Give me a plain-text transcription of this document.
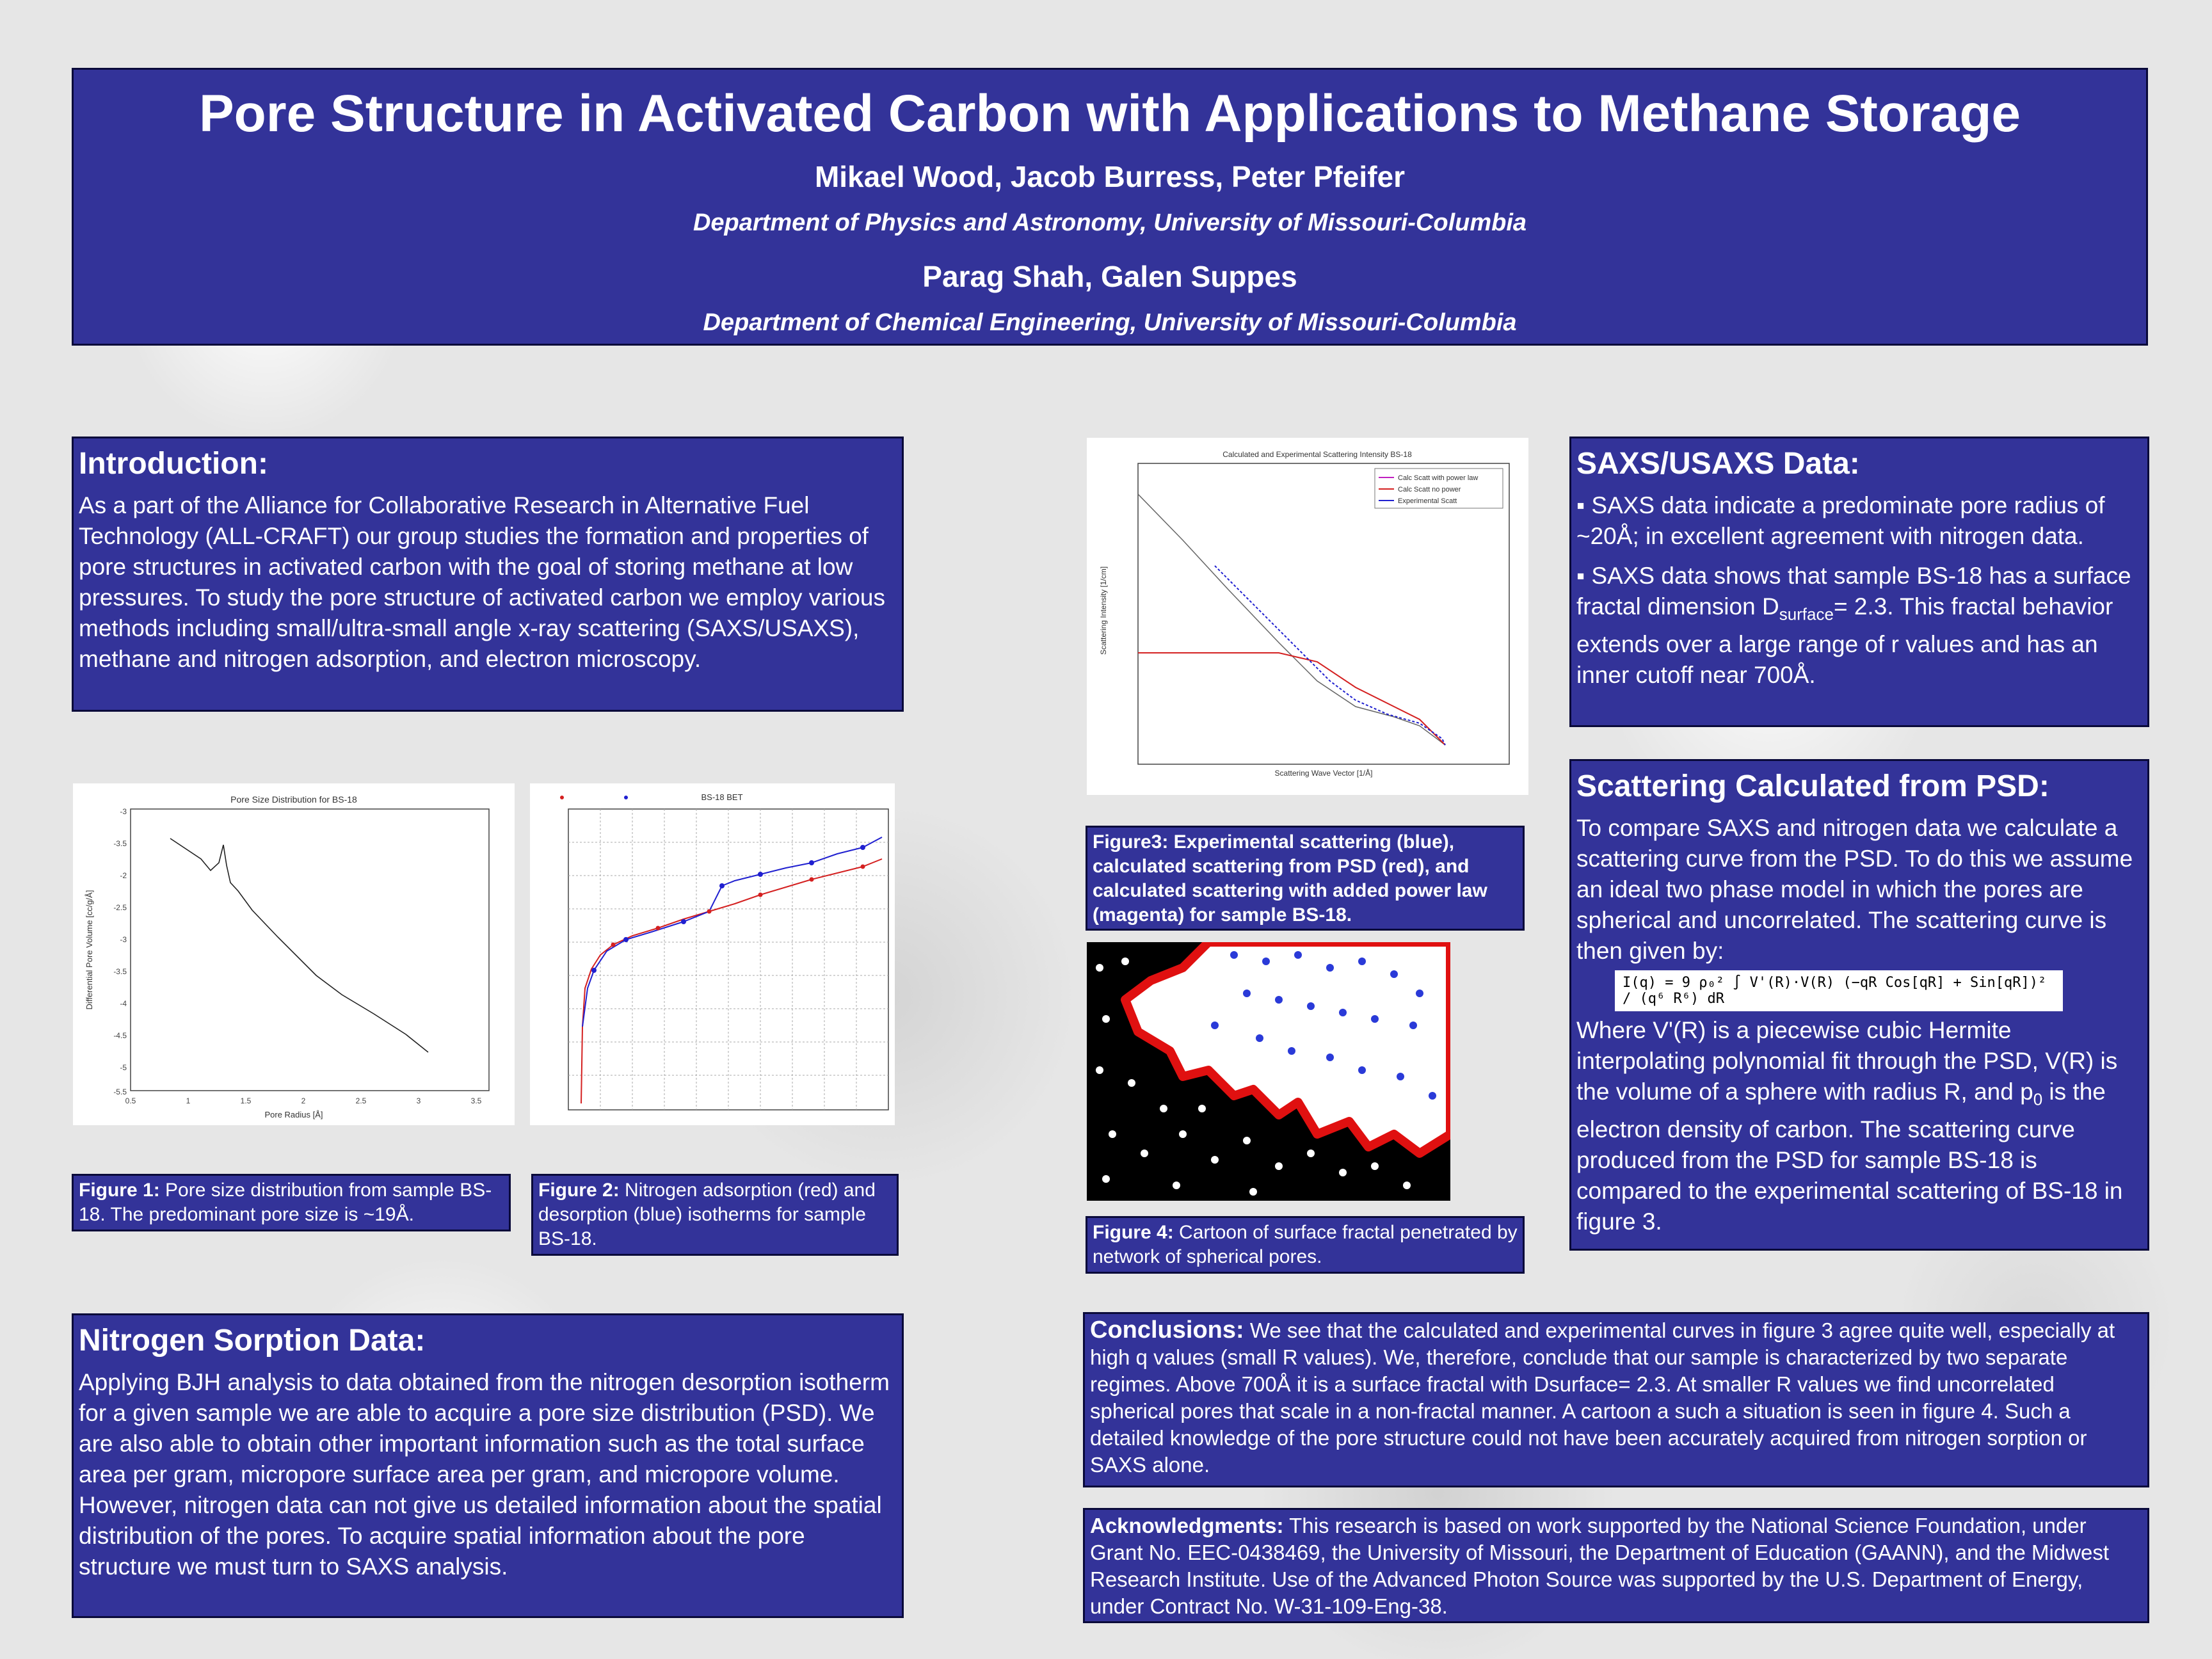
Pore Structure in Activated Carbon with Applications to Methane Storage
Mikael Wood, Jacob Burress, Peter Pfeifer
Department of Physics and Astronomy, University of Missouri-Columbia
Parag Shah, Galen Suppes
Department of Chemical Engineering, University of Missouri-Columbia
Introduction:
As a part of the Alliance for Collaborative Research in Alternative Fuel Technology (ALL-CRAFT) our group studies the formation and properties of pore structures in activated carbon with the goal of storing methane at low pressures. To study the pore structure of activated carbon we employ various methods including small/ultra-small angle x-ray scattering (SAXS/USAXS), methane and nitrogen adsorption, and electron microscopy.
Pore Size Distribution for BS-18
-3
-3.5
-2
-2.5
-3
-3.5
-4
-4.5
-5
-5.5
0.5	1	1.5	2	2.5	3	3.5
Pore Radius [Å]
Differential Pore Volume [cc/g/Å]
BS-18 BET
Figure 1: Pore size distribution from sample BS-18. The predominant pore size is ~19Å.
Figure 2: Nitrogen adsorption (red) and desorption (blue) isotherms for sample BS-18.
Nitrogen Sorption Data:
Applying BJH analysis to data obtained from the nitrogen desorption isotherm for a given sample we are able to acquire a pore size distribution (PSD). We are also able to obtain other important information such as the total surface area per gram, micropore surface area per gram, and micropore volume. However, nitrogen data can not give us detailed information about the spatial distribution of the pores. To acquire spatial information about the pore structure we must turn to SAXS analysis.
Calculated and Experimental Scattering Intensity BS-18
Calc Scatt with power law
Calc Scatt no power
Experimental Scatt
Scattering Wave Vector [1/Å]
Scattering Intensity [1/cm]
Figure3: Experimental scattering (blue), calculated scattering from PSD (red), and calculated scattering with added power law (magenta) for sample BS-18.
Figure 4: Cartoon of surface fractal penetrated by network of spherical pores.
SAXS/USAXS Data:
▪ SAXS data indicate a predominate pore radius of ~20Å; in excellent agreement with nitrogen data.
▪ SAXS data shows that sample BS-18 has a surface fractal dimension $D_{surface}= 2.3$. This fractal behavior extends over a large range of r values and has an inner cutoff near 700Å.
Scattering Calculated from PSD:
To compare SAXS and nitrogen data we calculate a scattering curve from the PSD. To do this we assume an ideal two phase model in which the pores are spherical and uncorrelated. The scattering curve is then given by:
I(q) = 9 ρ₀² ∫ V'(R)·V(R) (−qR Cos[qR] + Sin[qR])² / (q⁶ R⁶) dR
Where V'(R) is a piecewise cubic Hermite interpolating polynomial fit through the PSD, V(R) is the volume of a sphere with radius R, and $p_0$ is the electron density of carbon. The scattering curve produced from the PSD for sample BS-18 is compared to the experimental scattering of BS-18 in figure 3.
Conclusions: We see that the calculated and experimental curves in figure 3 agree quite well, especially at high q values (small R values). We, therefore, conclude that our sample is characterized by two separate regimes. Above 700Å it is a surface fractal with Dsurface= 2.3. At smaller R values we find uncorrelated spherical pores that scale in a non-fractal manner. A cartoon a such a situation is seen in figure 4. Such a detailed knowledge of the pore structure could not have been accurately acquired from nitrogen sorption or SAXS alone.
Acknowledgments: This research is based on work supported by the National Science Foundation, under Grant No. EEC-0438469, the University of Missouri, the Department of Education (GAANN), and the Midwest Research Institute. Use of the Advanced Photon Source was supported by the U.S. Department of Energy, under Contract No. W-31-109-Eng-38.
